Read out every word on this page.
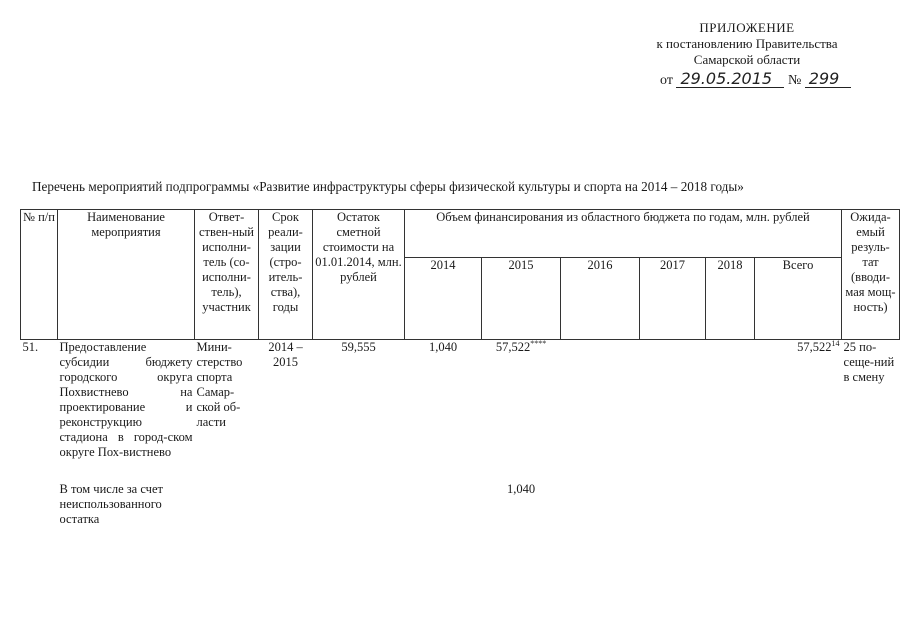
ПРИЛОЖЕНИЕ
к постановлению Правительства
Самарской области
от 29.05.2015 № 299
Перечень мероприятий подпрограммы «Развитие инфраструктуры сферы физической культуры и спорта на 2014 – 2018 годы»
№ п/п	Наименование мероприятия	Ответ-ствен-ный исполни-тель (со-исполни-тель), участник	Срок реали-зации (стро-итель-ства), годы	Остаток сметной стоимости на 01.01.2014, млн. рублей	Объем финансирования из областного бюджета по годам, млн. рублей						Ожида-емый резуль-тат (вводи-мая мощ-ность)
					2014	2015	2016	2017	2018	Всего	
51.	Предоставление субсидии бюджету городского округа Похвистнево на проектирование и реконструкцию стадиона в город-ском округе Пох-вистнево	Мини-стерство спорта Самар-ской об-ласти	2014 – 2015	59,555	1,040	57,522****				57,522$^{14}$	25 по-сеще-ний в смену
	В том числе за счет неиспользованного остатка					1,040					
